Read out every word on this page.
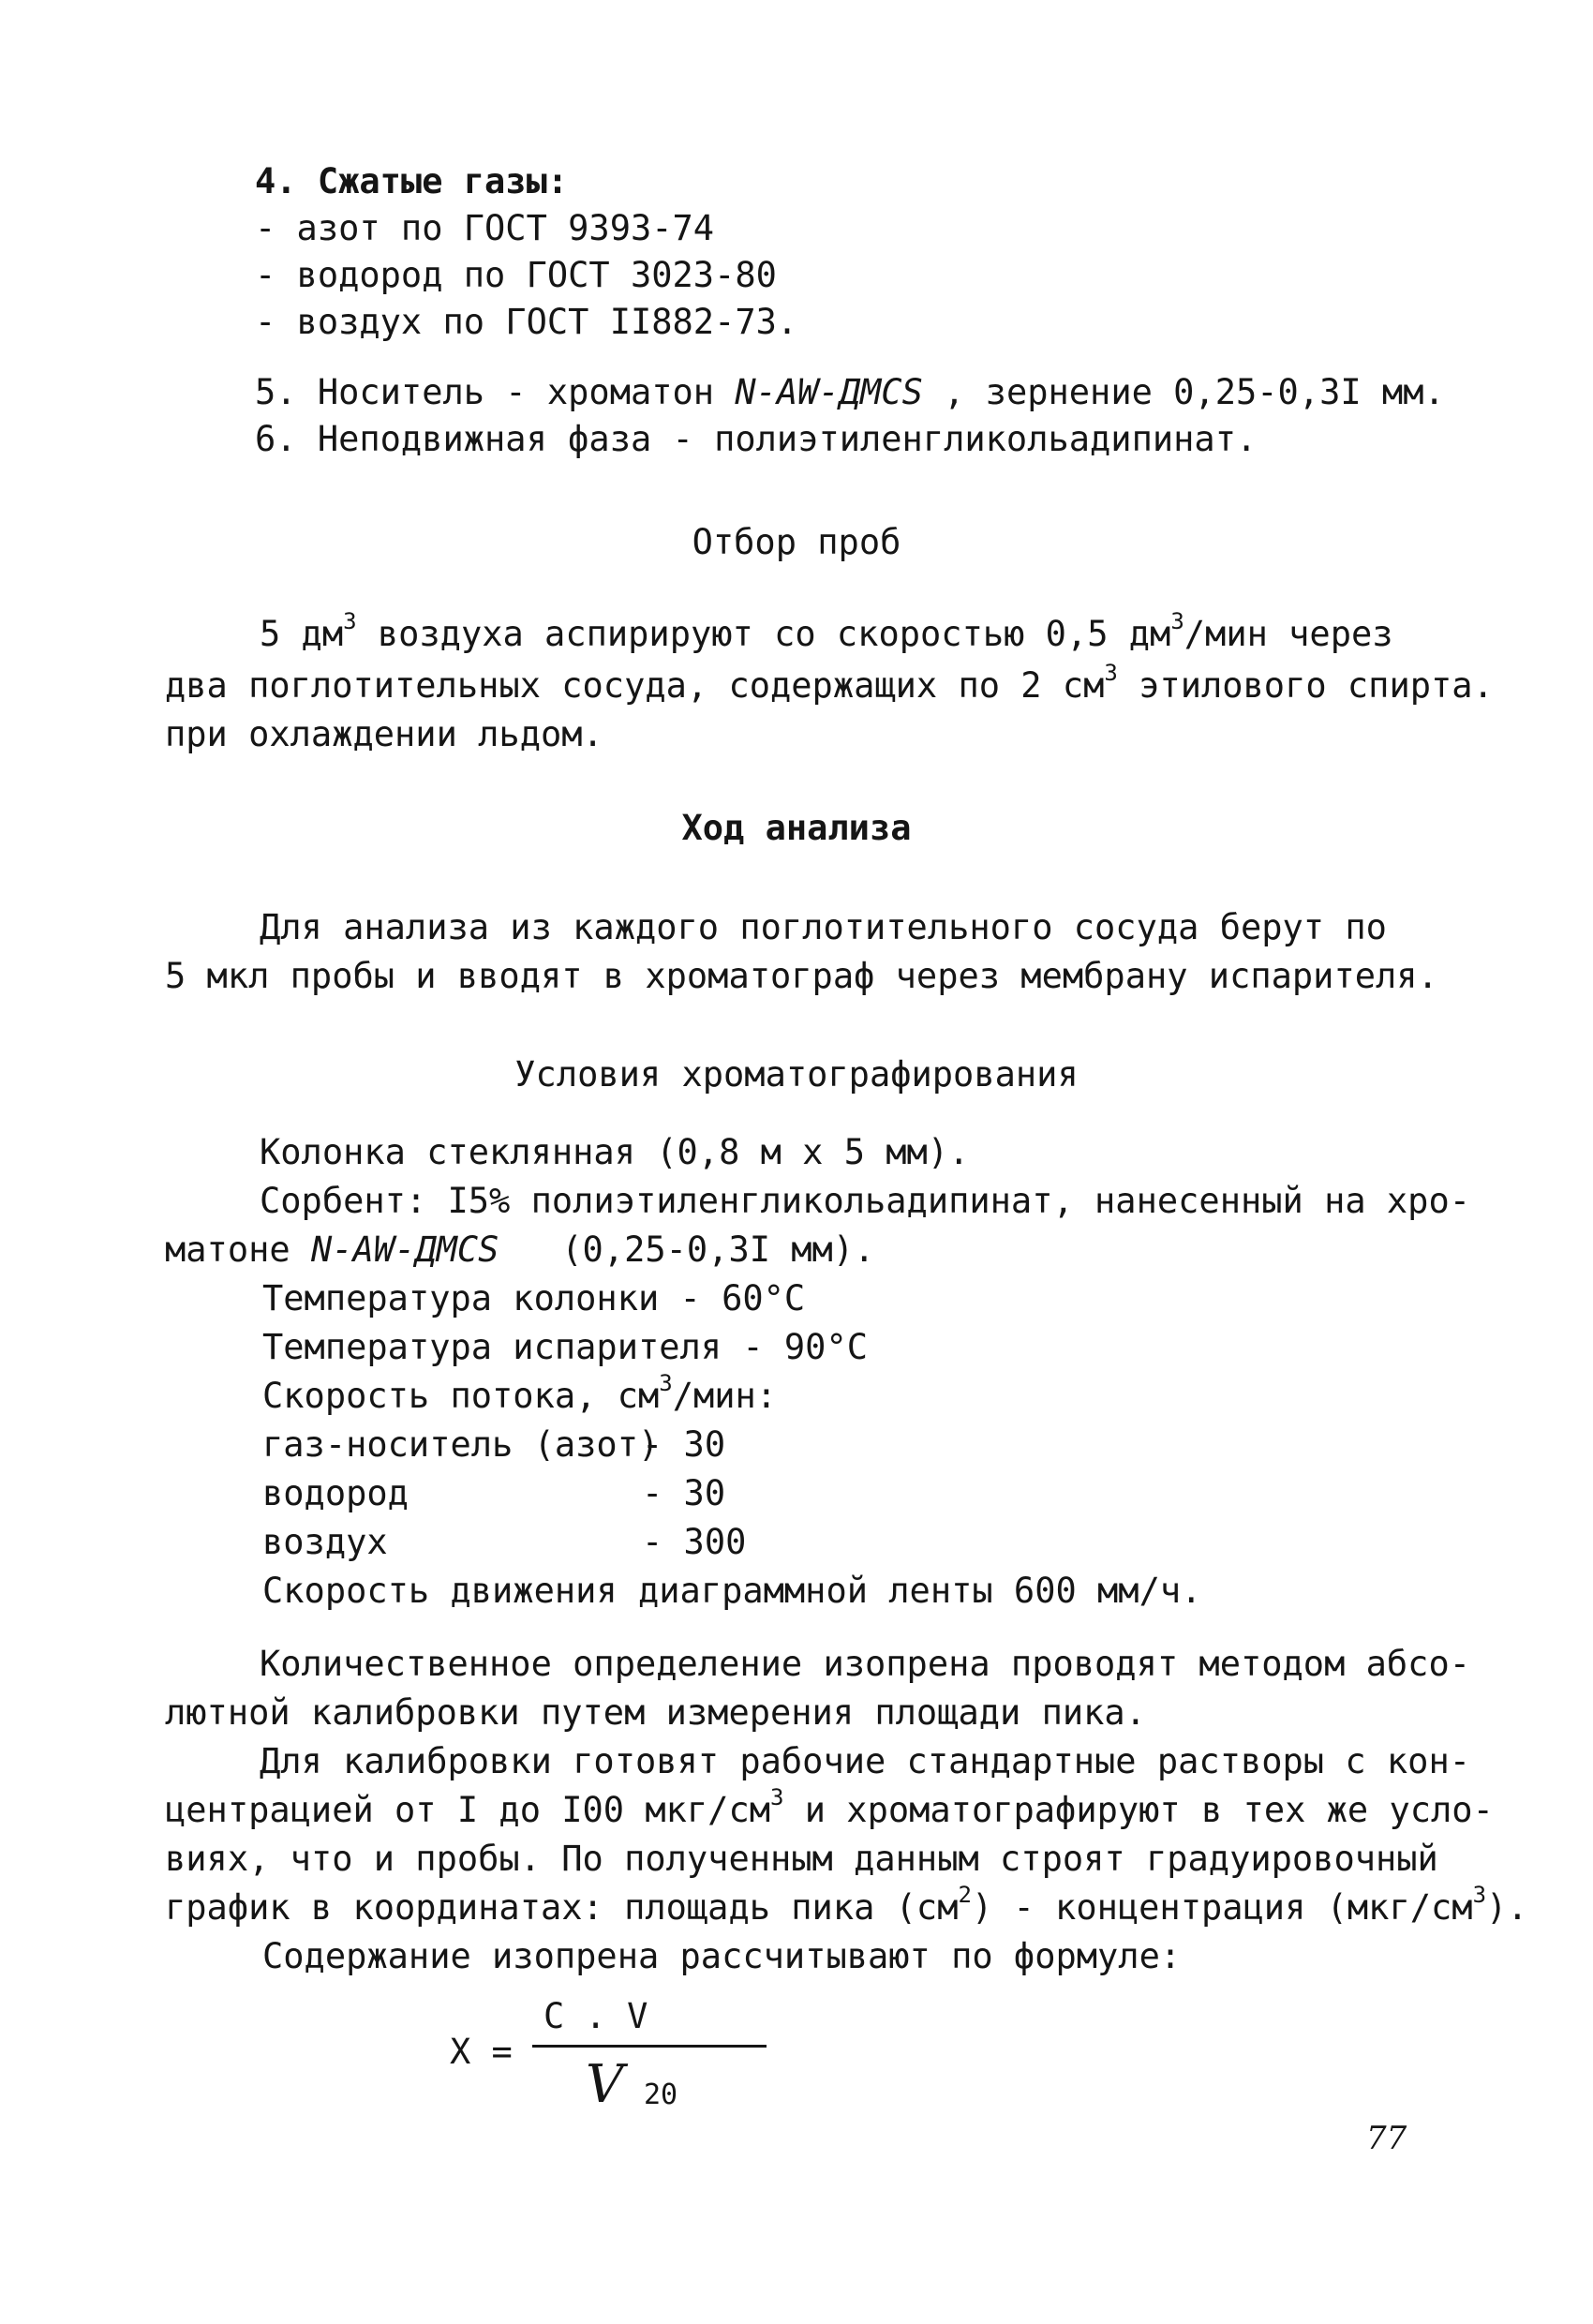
4. Сжатые газы:
- азот по ГОСТ 9393-74
- водород по ГОСТ 3023-80
- воздух по ГОСТ II882-73.
5. Носитель - хроматон N-AW-ДМСS , зернение 0,25-0,3I мм.
6. Неподвижная фаза - полиэтиленгликольадипинат.
Отбор проб
5 $дм^3$ воздуха аспирируют со скоростью 0,5 $дм^3$/мин через
два поглотительных сосуда, содержащих по 2 $см^3$ этилового спирта.
при охлаждении льдом.
Ход анализа
Для анализа из каждого поглотительного сосуда берут по
5 мкл пробы и вводят в хроматограф через мембрану испарителя.
Условия хроматографирования
Колонка стеклянная (0,8 м х 5 мм).
Сорбент: I5% полиэтиленгликольадипинат, нанесенный на хро-
матоне N-AW-ДМСS   (0,25-0,3I мм).
Температура колонки - 60°C
Температура испарителя - 90°C
Скорость потока, $см^3$/мин:
газ-носитель (азот)
- 30
водород	- 30
воздух	- 300
Скорость движения диаграммной ленты 600 мм/ч.
Количественное определение изопрена проводят методом абсо-
лютной калибровки путем измерения площади пика.
Для калибровки готовят рабочие стандартные растворы с кон-
центрацией от I до I00 мкг/$см^3$ и хроматографируют в тех же усло-
виях, что и пробы. По полученным данным строят градуировочный
график в координатах: площадь пика $(см^2)$ - концентрация $(мкг/см^3)$.
Содержание изопрена рассчитывают по формуле:
X =
C . V
V 20
77
